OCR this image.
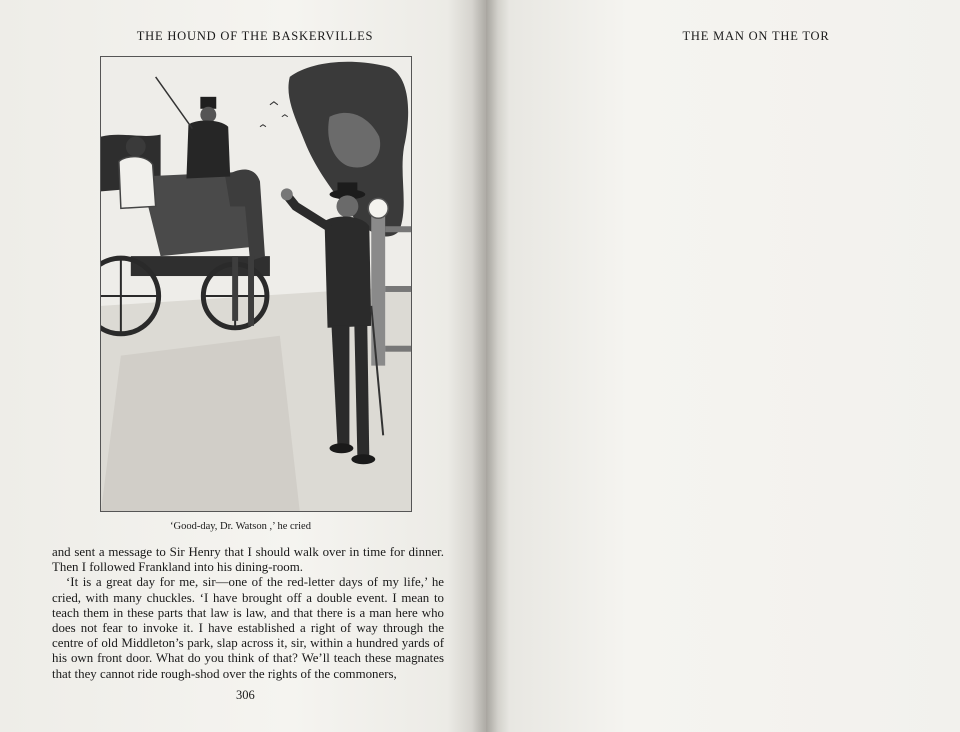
THE HOUND OF THE BASKERVILLES
‘Good-day, Dr. Watson ,’ he cried

and sent a message to Sir Henry that I should walk over in time for dinner. Then I followed Frankland into his dining-room.

‘It is a great day for me, sir—one of the red-letter days of my life,’ he cried, with many chuckles. ‘I have brought off a double event. I mean to teach them in these parts that law is law, and that there is a man here who does not fear to invoke it. I have established a right of way through the centre of old Middleton’s park, slap across it, sir, within a hundred yards of his own front door. What do you think of that? We’ll teach these magnates that they cannot ride rough-shod over the rights of the commoners,

306
THE MAN ON THE TOR
